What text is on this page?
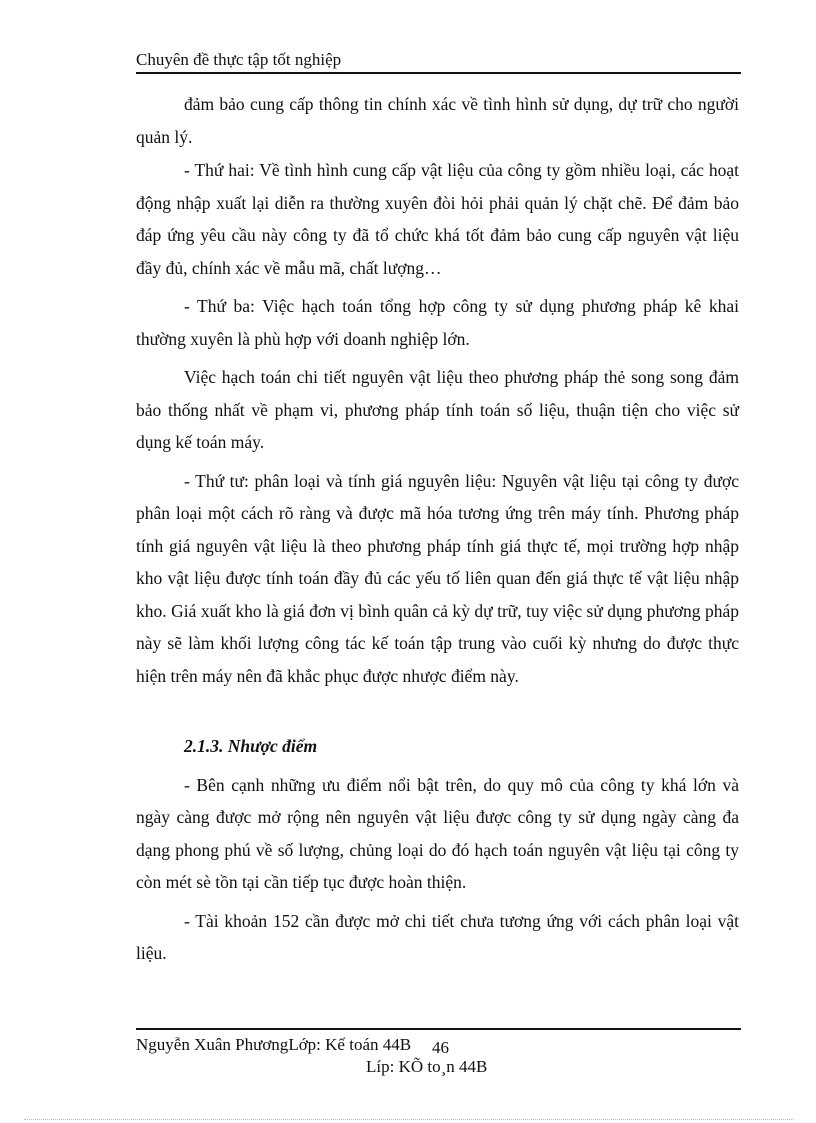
Chuyên đề thực tập tốt nghiệp

đảm bảo cung cấp thông tin chính xác về tình hình sử dụng, dự trữ cho người quản lý.

- Thứ hai: Về tình hình cung cấp vật liệu của công ty gồm nhiều loại, các hoạt động nhập xuất lại diễn ra thường xuyên đòi hỏi phải quản lý chặt chẽ. Để đảm bảo đáp ứng yêu cầu này công ty đã tổ chức khá tốt đảm bảo cung cấp nguyên vật liệu đầy đủ, chính xác về mẫu mã, chất lượng…

- Thứ ba: Việc hạch toán tổng hợp công ty sử dụng phương pháp kê khai thường xuyên là phù hợp với doanh nghiệp lớn.

Việc hạch toán chi tiết nguyên vật liệu theo phương pháp thẻ song song đảm bảo thống nhất về phạm vi, phương pháp tính toán số liệu, thuận tiện cho việc sử dụng kế toán máy.

- Thứ tư: phân loại và tính giá nguyên liệu: Nguyên vật liệu tại công ty được phân loại một cách rõ ràng và được mã hóa tương ứng trên máy tính. Phương pháp tính giá nguyên vật liệu là theo phương pháp tính giá thực tế, mọi trường hợp nhập kho vật liệu được tính toán đầy đủ các yếu tố liên quan đến giá thực tế vật liệu nhập kho. Giá xuất kho là giá đơn vị bình quân cả kỳ dự trữ, tuy việc sử dụng phương pháp này sẽ làm khối lượng công tác kế toán tập trung vào cuối kỳ nhưng do được thực hiện trên máy nên đã khắc phục được nhược điểm này.

2.1.3. Nhược điểm

- Bên cạnh những ưu điểm nổi bật trên, do quy mô của công ty khá lớn và ngày càng được mở rộng nên nguyên vật liệu được công ty sử dụng ngày càng đa dạng phong phú về số lượng, chủng loại do đó hạch toán nguyên vật liệu tại công ty còn mét sè tồn tại cần tiếp tục được hoàn thiện.

- Tài khoản 152 cần được mở chi tiết chưa tương ứng với cách phân loại vật liệu.

Nguyễn Xuân PhươngLớp: Kế toán 44B 46
Líp: KÕ to¸n 44B
